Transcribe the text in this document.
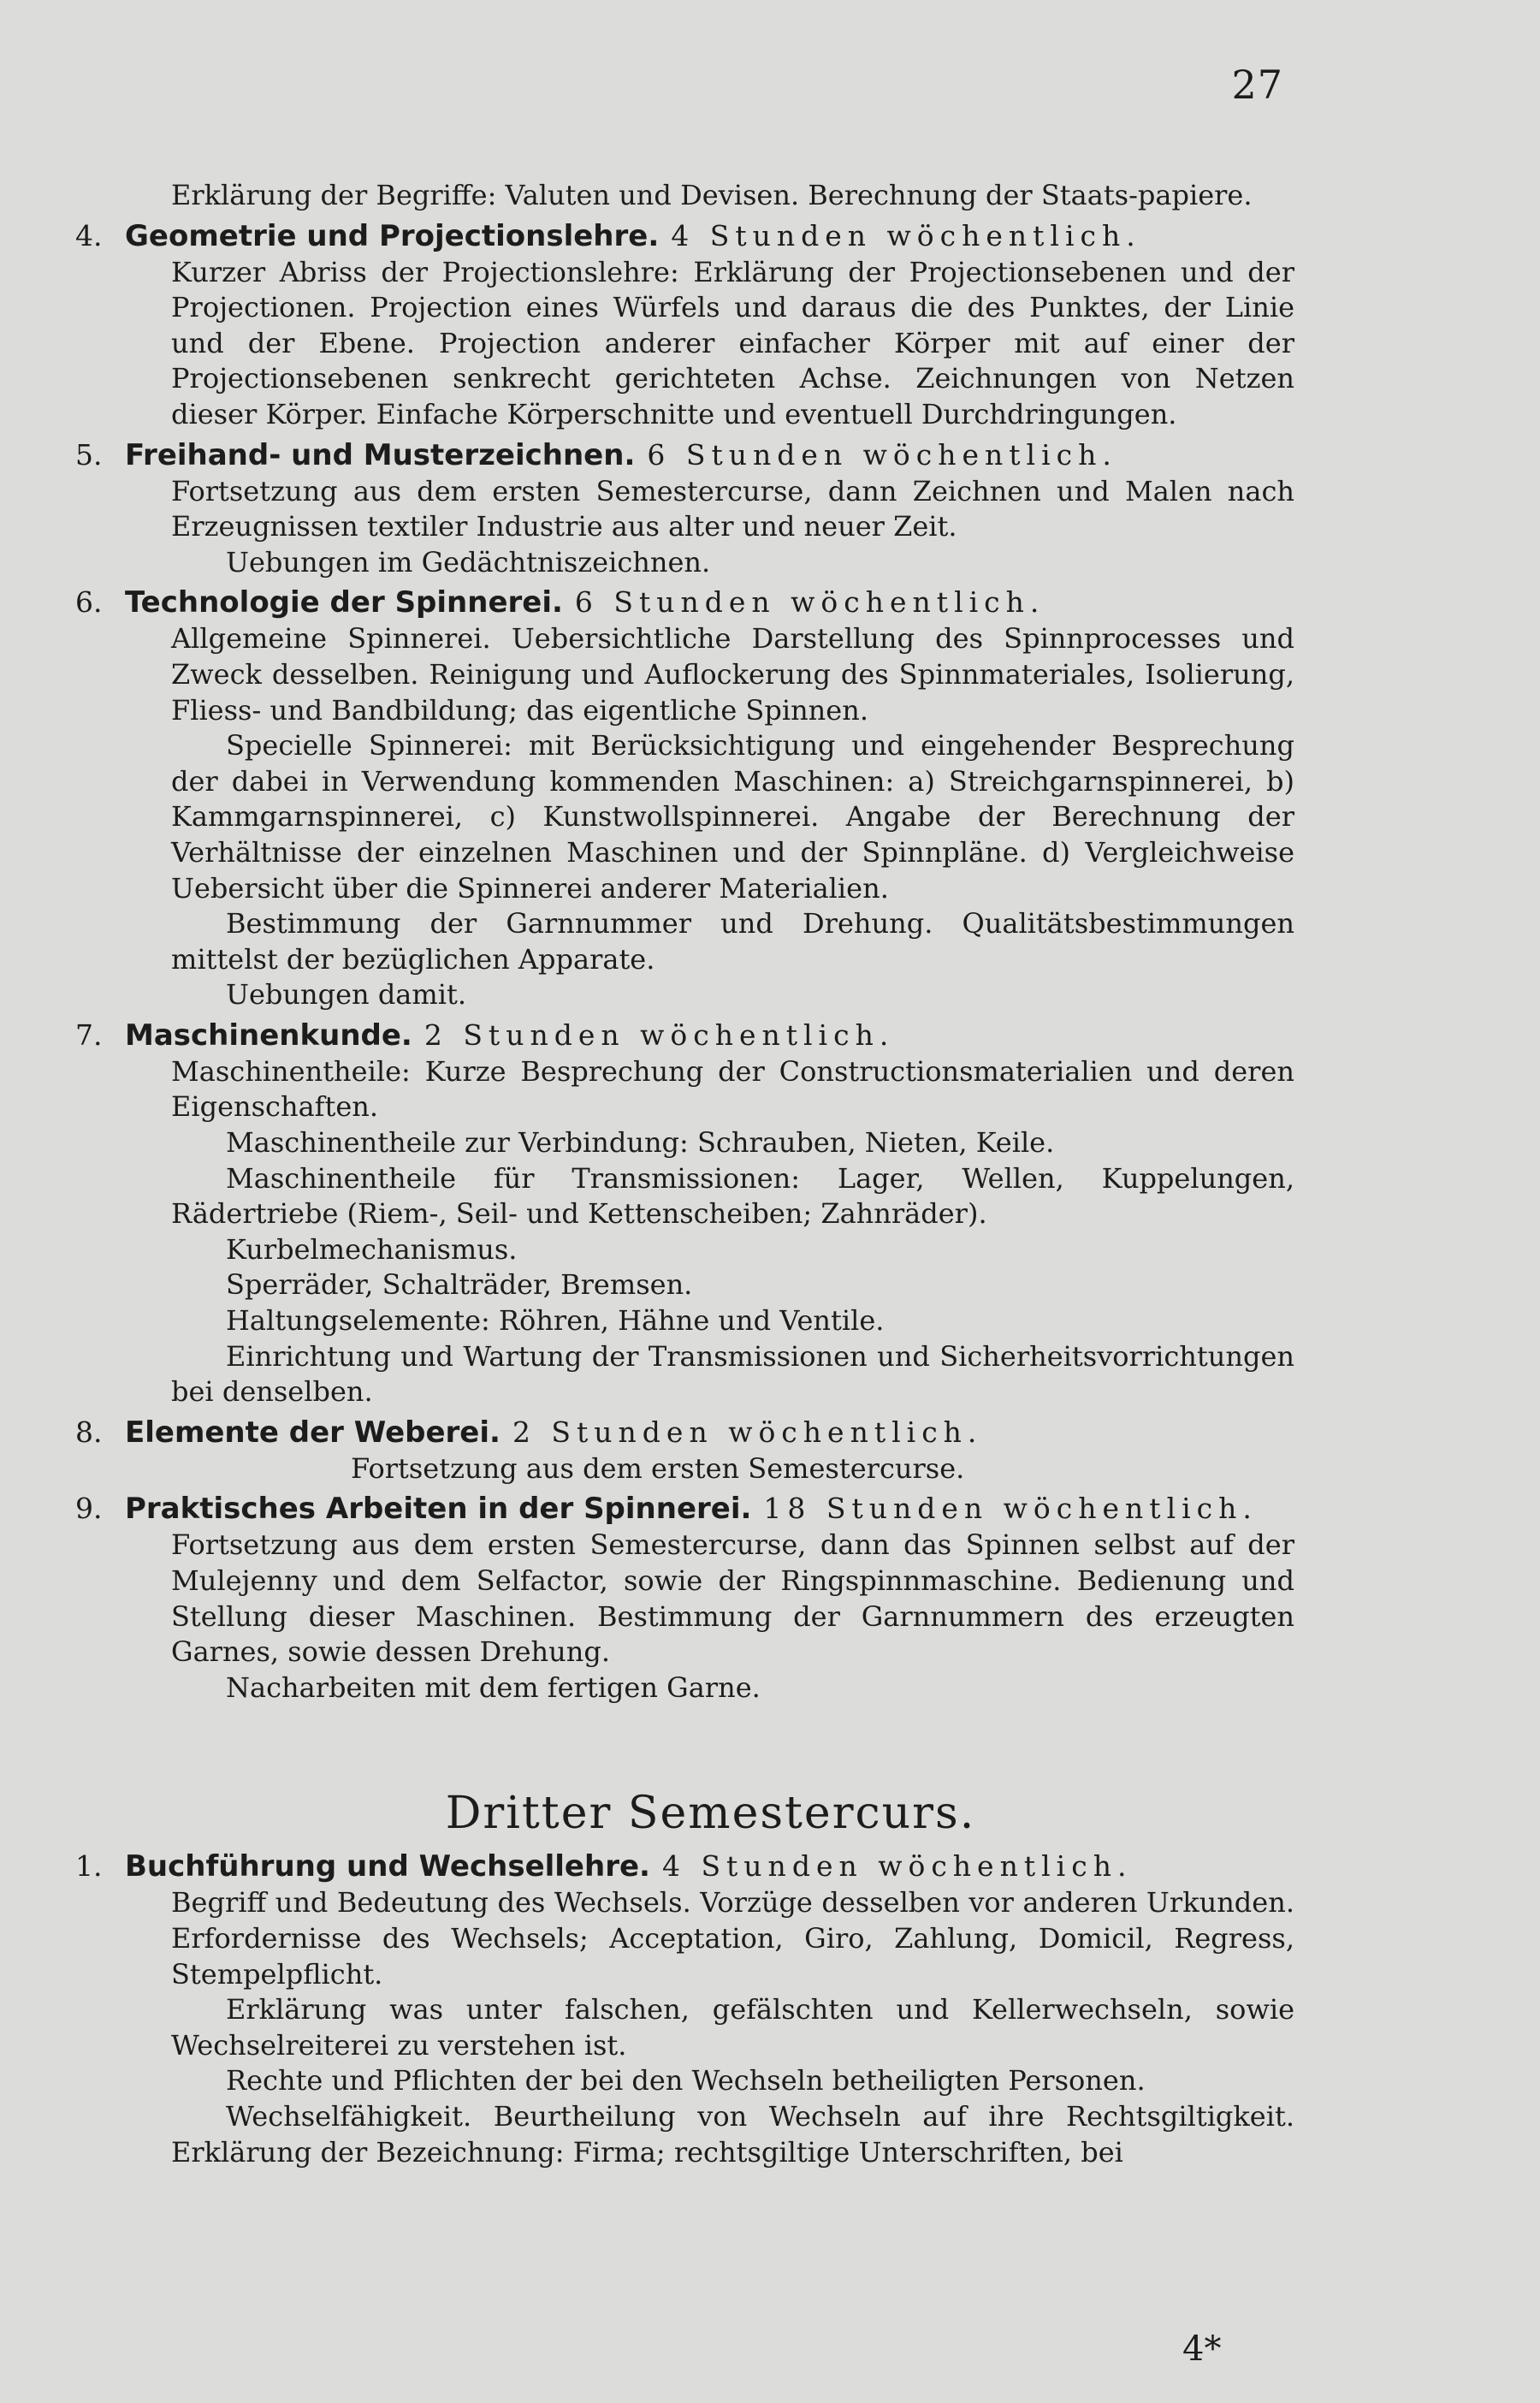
27

Erklärung der Begriffe: Valuten und Devisen. Berechnung der Staats-papiere.

4. Geometrie und Projectionslehre. 4 Stunden wöchentlich.

Kurzer Abriss der Projectionslehre: Erklärung der Projectionsebenen und der Projectionen. Projection eines Würfels und daraus die des Punktes, der Linie und der Ebene. Projection anderer einfacher Körper mit auf einer der Projectionsebenen senkrecht gerichteten Achse. Zeichnungen von Netzen dieser Körper. Einfache Körperschnitte und eventuell Durchdringungen.

5. Freihand- und Musterzeichnen. 6 Stunden wöchentlich.

Fortsetzung aus dem ersten Semestercurse, dann Zeichnen und Malen nach Erzeugnissen textiler Industrie aus alter und neuer Zeit.

Uebungen im Gedächtniszeichnen.

6. Technologie der Spinnerei. 6 Stunden wöchentlich.

Allgemeine Spinnerei. Uebersichtliche Darstellung des Spinnprocesses und Zweck desselben. Reinigung und Auflockerung des Spinnmateriales, Isolierung, Fliess- und Bandbildung; das eigentliche Spinnen.

Specielle Spinnerei: mit Berücksichtigung und eingehender Besprechung der dabei in Verwendung kommenden Maschinen: a) Streichgarnspinnerei, b) Kammgarnspinnerei, c) Kunstwollspinnerei. Angabe der Berechnung der Verhältnisse der einzelnen Maschinen und der Spinnpläne. d) Vergleichweise Uebersicht über die Spinnerei anderer Materialien.

Bestimmung der Garnnummer und Drehung. Qualitätsbestimmungen mittelst der bezüglichen Apparate.

Uebungen damit.

7. Maschinenkunde. 2 Stunden wöchentlich.

Maschinentheile: Kurze Besprechung der Constructionsmaterialien und deren Eigenschaften.

Maschinentheile zur Verbindung: Schrauben, Nieten, Keile.

Maschinentheile für Transmissionen: Lager, Wellen, Kuppelungen, Rädertriebe (Riem-, Seil- und Kettenscheiben; Zahnräder).

Kurbelmechanismus.

Sperräder, Schalträder, Bremsen.

Haltungselemente: Röhren, Hähne und Ventile.

Einrichtung und Wartung der Transmissionen und Sicherheitsvorrichtungen bei denselben.

8. Elemente der Weberei. 2 Stunden wöchentlich.

Fortsetzung aus dem ersten Semestercurse.

9. Praktisches Arbeiten in der Spinnerei. 18 Stunden wöchentlich.

Fortsetzung aus dem ersten Semestercurse, dann das Spinnen selbst auf der Mulejenny und dem Selfactor, sowie der Ringspinnmaschine. Bedienung und Stellung dieser Maschinen. Bestimmung der Garnnummern des erzeugten Garnes, sowie dessen Drehung.

Nacharbeiten mit dem fertigen Garne.

Dritter Semestercurs.
1. Buchführung und Wechsellehre. 4 Stunden wöchentlich.

Begriff und Bedeutung des Wechsels. Vorzüge desselben vor anderen Urkunden. Erfordernisse des Wechsels; Acceptation, Giro, Zahlung, Domicil, Regress, Stempelpflicht.

Erklärung was unter falschen, gefälschten und Kellerwechseln, sowie Wechselreiterei zu verstehen ist.

Rechte und Pflichten der bei den Wechseln betheiligten Personen.

Wechselfähigkeit. Beurtheilung von Wechseln auf ihre Rechtsgiltigkeit. Erklärung der Bezeichnung: Firma; rechtsgiltige Unterschriften, bei

4*
